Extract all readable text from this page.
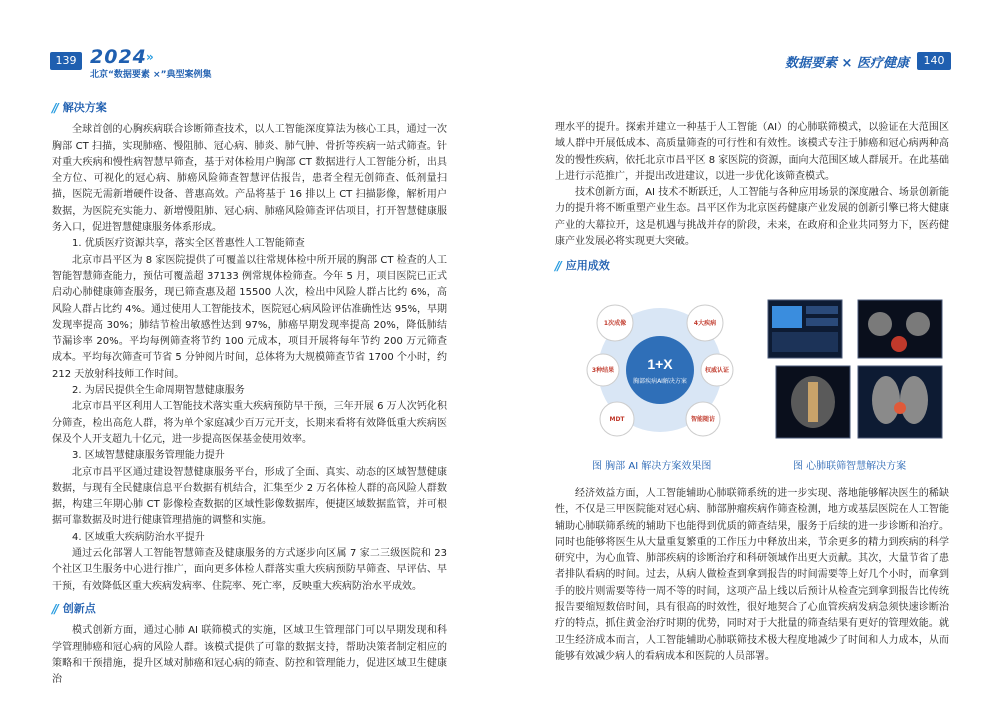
139 2024 »
北京“数据要素 ×”典型案例集
数据要素 × 医疗健康	140
// 解决方案

全球首创的心胸疾病联合诊断筛查技术，以人工智能深度算法为核心工具，通过一次胸部 CT 扫描，实现肺癌、慢阻肺、冠心病、肺炎、肺气肿、骨折等疾病一站式筛查。针对重大疾病和慢性病智慧早筛查，基于对体检用户胸部 CT 数据进行人工智能分析，出具全方位、可视化的冠心病、肺癌风险筛查智慧评估报告，患者全程无创筛查、低剂量扫描，医院无需新增硬件设备、普惠高效。产品将基于 16 排以上 CT 扫描影像，解析用户数据，为医院充实能力、新增慢阻肺、冠心病、肺癌风险筛查评估项目，打开智慧健康服务入口，促进智慧健康服务体系形成。

1. 优质医疗资源共享，落实全区普惠性人工智能筛查

北京市昌平区为 8 家医院提供了可覆盖以往常规体检中所开展的胸部 CT 检查的人工智能智慧筛查能力，预估可覆盖超 37133 例常规体检筛查。今年 5 月，项目医院已正式启动心肺健康筛查服务，现已筛查惠及超 15500 人次，检出中风险人群占比约 6%，高风险人群占比约 4%。通过使用人工智能技术，医院冠心病风险评估准确性达 95%，早期发现率提高 30%；肺结节检出敏感性达到 97%，肺癌早期发现率提高 20%，降低肺结节漏诊率 20%。平均每例筛查将节约 100 元成本，项目开展将每年节约 200 万元筛查成本。平均每次筛查可节省 5 分钟阅片时间，总体将为大规模筛查节省 1700 个小时，约 212 天放射科技师工作时间。

2. 为居民提供全生命周期智慧健康服务

北京市昌平区利用人工智能技术落实重大疾病预防早干预，三年开展 6 万人次钙化积分筛查，检出高危人群，将为单个家庭减少百万元开支，长期来看将有效降低重大疾病医保及个人开支超九十亿元，进一步提高医保基金使用效率。

3. 区域智慧健康服务管理能力提升

北京市昌平区通过建设智慧健康服务平台，形成了全面、真实、动态的区域智慧健康数据，与现有全民健康信息平台数据有机结合，汇集至少 2 万名体检人群的高风险人群数据，构建三年期心肺 CT 影像检查数据的区域性影像数据库，便捷区域数据监管，并可根据可靠数据及时进行健康管理措施的调整和实施。

4. 区域重大疾病防治水平提升

通过云化部署人工智能智慧筛查及健康服务的方式逐步向区属 7 家二三级医院和 23 个社区卫生服务中心进行推广，面向更多体检人群落实重大疾病预防早筛查、早评估、早干预，有效降低区重大疾病发病率、住院率、死亡率，反映重大疾病防治水平成效。

// 创新点

模式创新方面，通过心肺 AI 联筛模式的实施，区域卫生管理部门可以早期发现和科学管理肺癌和冠心病的风险人群。该模式提供了可靠的数据支持，帮助决策者制定相应的策略和干预措施，提升区域对肺癌和冠心病的筛查、防控和管理能力，促进区域卫生健康治

理水平的提升。探索并建立一种基于人工智能（AI）的心肺联筛模式，以验证在大范围区域人群中开展低成本、高质量筛查的可行性和有效性。该模式专注于肺癌和冠心病两种高发的慢性疾病，依托北京市昌平区 8 家医院的资源，面向大范围区域人群展开。在此基础上进行示范推广，并提出改进建议，以进一步优化该筛查模式。

技术创新方面，AI 技术不断跃迁，人工智能与各种应用场景的深度融合、场景创新能力的提升将不断重塑产业生态。昌平区作为北京医药健康产业发展的创新引擎已将大健康产业的大幕拉开，这是机遇与挑战并存的阶段，未来，在政府和企业共同努力下，医药健康产业发展必将实现更大突破。

// 应用成效
1+X
胸部疾病AI解决方案
1次成像	4大疾病
3种结果	权威认证
MDT	智能随访
图 胸部 AI 解决方案效果图	图 心肺联筛智慧解决方案

经济效益方面，人工智能辅助心肺联筛系统的进一步实现、落地能够解决医生的稀缺性，不仅是三甲医院能对冠心病、肺部肿瘤疾病作筛查检测，地方或基层医院在人工智能辅助心肺联筛系统的辅助下也能得到优质的筛查结果，服务于后续的进一步诊断和治疗。同时也能够将医生从大量重复繁重的工作压力中释放出来，节余更多的精力到疾病的科学研究中，为心血管、肺部疾病的诊断治疗和科研领域作出更大贡献。其次，大量节省了患者排队看病的时间。过去，从病人做检查到拿到报告的时间需要等上好几个小时，而拿到手的胶片则需要等待一周不等的时间，这项产品上线以后预计从检查完到拿到报告比传统报告要缩短数倍时间，具有很高的时效性，很好地契合了心血管疾病发病急须快速诊断治疗的特点，抓住黄金治疗时期的优势，同时对于大批量的筛查结果有更好的管理效能。就卫生经济成本而言，人工智能辅助心肺联筛技术极大程度地减少了时间和人力成本，从而能够有效减少病人的看病成本和医院的人员部署。
